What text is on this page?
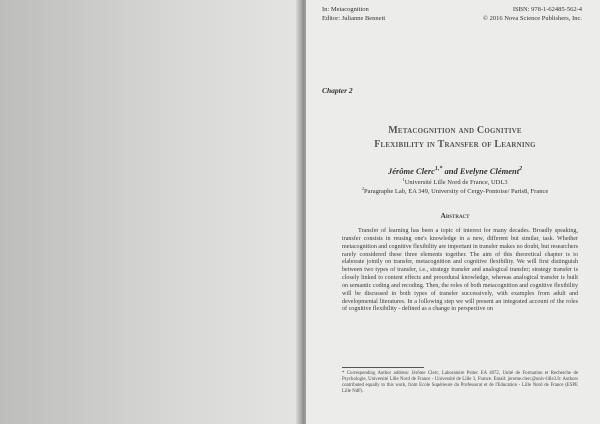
In: Metacognition
Editor: Julianne Bennett
ISBN: 978-1-62485-562-4
© 2016 Nova Science Publishers, Inc.
Chapter 2
Metacognition and Cognitive
Flexibility in Transfer of Learning
Jérôme Clerc$^{1,*}$ and Evelyne Clément$^2$
$^1$Université Lille Nord de France, UDL3
$^2$Paragraphe Lab, EA 349, University of Cergy-Pontoise/ Paris8, France
Abstract
Transfer of learning has been a topic of interest for many decades. Broadly speaking, transfer consists in reusing one's knowledge in a new, different but similar, task. Whether metacognition and cognitive flexibility are important in transfer makes no doubt, but researchers rarely considered these three elements together. The aim of this theoretical chapter is to elaborate jointly on transfer, metacognition and cognitive flexibility. We will first distinguish between two types of transfer, i.e., strategy transfer and analogical transfer; strategy transfer is closely linked to content effects and procedural knowledge, whereas analogical transfer is built on semantic coding and recoding. Then, the roles of both metacognition and cognitive flexibility will be discussed in both types of transfer successively, with examples from adult and developmental literatures. In a following step we will present an integrated account of the roles of cognitive flexibility - defined as a change in perspective on
* Corresponding Author address: Jérôme Clerc, Laboratoire Psitec EA 4072, Unité de Formation et Recherche de Psychologie, Université Lille Nord de France - Université de Lille 3, France. Email: jerome.clerc@univ-lille3.fr. Authors contributed equally to this work, from Ecole Supérieure du Professorat et de l'Education - Lille Nord de France (ESPE Lille NdF).
